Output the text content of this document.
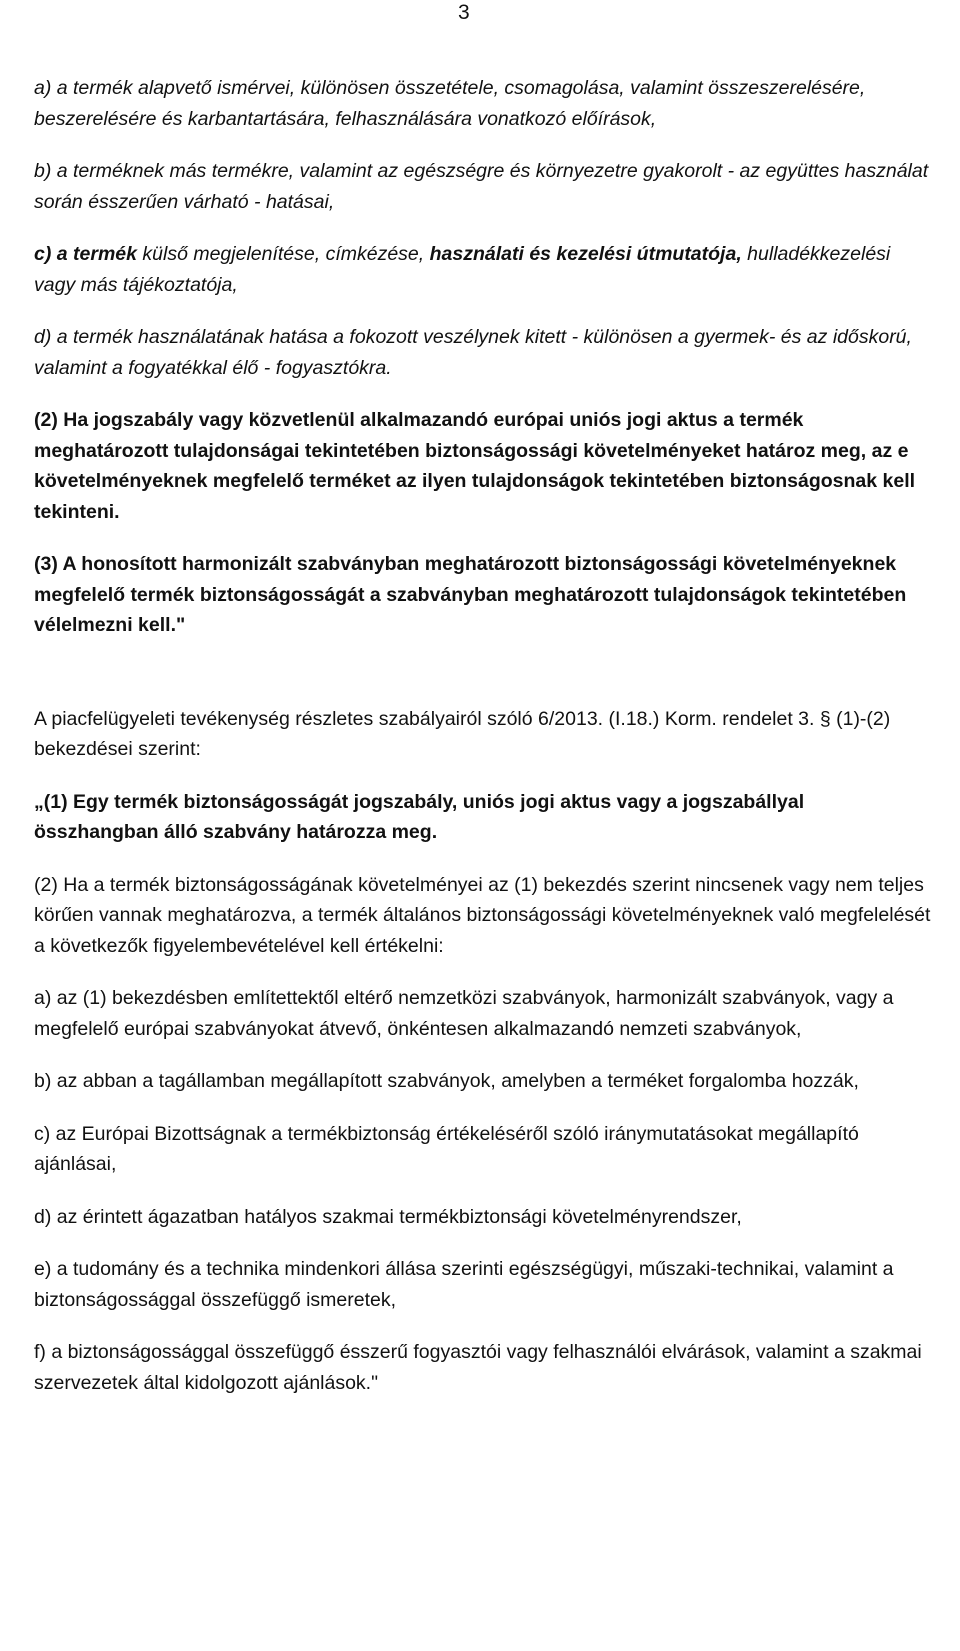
3

a) a termék alapvető ismérvei, különösen összetétele, csomagolása, valamint összeszerelésére, beszerelésére és karbantartására, felhasználására vonatkozó előírások,

b) a terméknek más termékre, valamint az egészségre és környezetre gyakorolt - az együttes használat során ésszerűen várható - hatásai,

c) a termék külső megjelenítése, címkézése, használati és kezelési útmutatója, hulladékkezelési vagy más tájékoztatója,

d) a termék használatának hatása a fokozott veszélynek kitett - különösen a gyermek- és az időskorú, valamint a fogyatékkal élő - fogyasztókra.

(2) Ha jogszabály vagy közvetlenül alkalmazandó európai uniós jogi aktus a termék meghatározott tulajdonságai tekintetében biztonságossági követelményeket határoz meg, az e követelményeknek megfelelő terméket az ilyen tulajdonságok tekintetében biztonságosnak kell tekinteni.

(3) A honosított harmonizált szabványban meghatározott biztonságossági követelményeknek megfelelő termék biztonságosságát a szabványban meghatározott tulajdonságok tekintetében vélelmezni kell."

A piacfelügyeleti tevékenység részletes szabályairól szóló 6/2013. (I.18.) Korm. rendelet 3. § (1)-(2) bekezdései szerint:

„(1) Egy termék biztonságosságát jogszabály, uniós jogi aktus vagy a jogszabállyal összhangban álló szabvány határozza meg.

(2) Ha a termék biztonságosságának követelményei az (1) bekezdés szerint nincsenek vagy nem teljes körűen vannak meghatározva, a termék általános biztonságossági követelményeknek való megfelelését a következők figyelembevételével kell értékelni:

a) az (1) bekezdésben említettektől eltérő nemzetközi szabványok, harmonizált szabványok, vagy a megfelelő európai szabványokat átvevő, önkéntesen alkalmazandó nemzeti szabványok,

b) az abban a tagállamban megállapított szabványok, amelyben a terméket forgalomba hozzák,

c) az Európai Bizottságnak a termékbiztonság értékeléséről szóló iránymutatásokat megállapító ajánlásai,

d) az érintett ágazatban hatályos szakmai termékbiztonsági követelményrendszer,

e) a tudomány és a technika mindenkori állása szerinti egészségügyi, műszaki-technikai, valamint a biztonságossággal összefüggő ismeretek,

f) a biztonságossággal összefüggő ésszerű fogyasztói vagy felhasználói elvárások, valamint a szakmai szervezetek által kidolgozott ajánlások."
